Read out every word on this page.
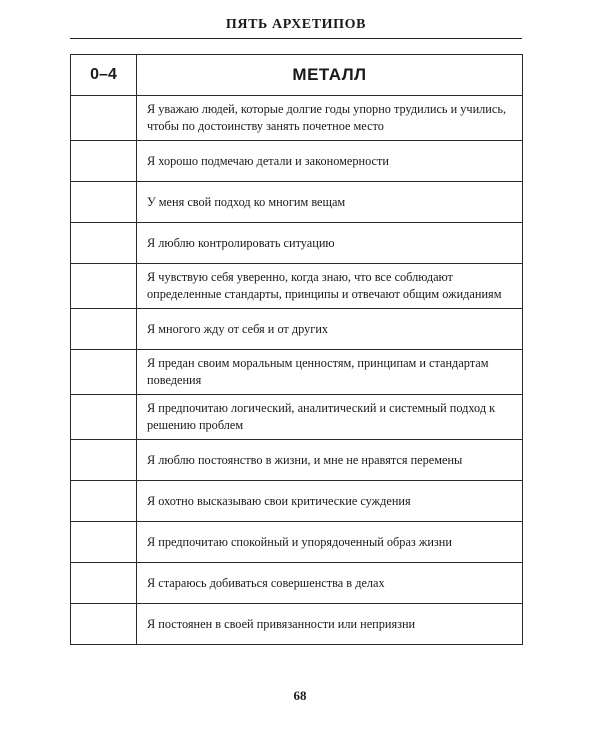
ПЯТЬ АРХЕТИПОВ
0–4	МЕТАЛЛ
	Я уважаю людей, которые долгие годы упорно трудились и учились, чтобы по достоинству занять почетное место
	Я хорошо подмечаю детали и закономерности
	У меня свой подход ко многим вещам
	Я люблю контролировать ситуацию
	Я чувствую себя уверенно, когда знаю, что все соблюдают определенные стандарты, принципы и отвечают общим ожиданиям
	Я многого жду от себя и от других
	Я предан своим моральным ценностям, принципам и стандартам поведения
	Я предпочитаю логический, аналитический и системный подход к решению проблем
	Я люблю постоянство в жизни, и мне не нравятся перемены
	Я охотно высказываю свои критические суждения
	Я предпочитаю спокойный и упорядоченный образ жизни
	Я стараюсь добиваться совершенства в делах
	Я постоянен в своей привязанности или неприязни
68
